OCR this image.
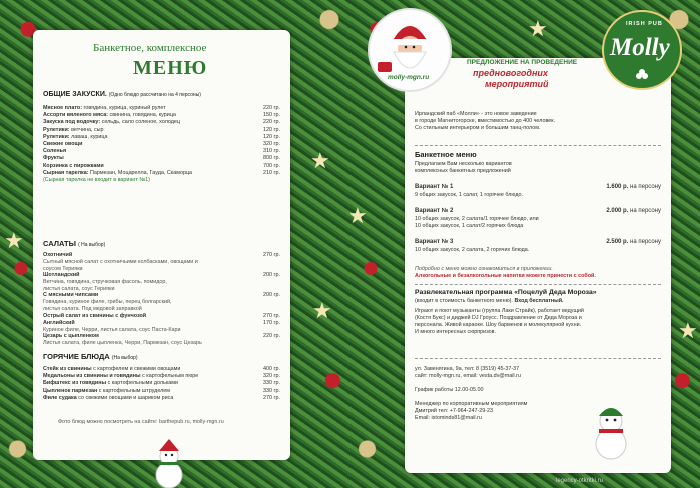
★
★
★
Банкетное, комплексное
МЕНЮ
ОБЩИЕ ЗАКУСКИ. (Одно блюдо рассчитано на 4 персоны)
САЛАТЫ ( На выбор)
ГОРЯЧИЕ БЛЮДА (На выбор)
Фото блюд можно посмотреть на сайте: barthepub.ru, molly-mgn.ru
Мясное плато: говядина, курица, куриный рулет	220 гр.
Ассорти вяленого мяса: свинина, говядина, курица	150 гр.
Закуска под водочку: сельдь, сало соленое, холодец	220 гр.
Рулетики: ветчина, сыр	120 гр.
Рулетики: лаваш, курица	120 гр.
Свежие овощи	320 гр.
Соленья	310 гр.
Фрукты	800 гр.
Корзинка с пирожками	700 гр.
Сырная тарелка: Пармезан, Моцарелла, Гауда, Скаморца	210 гр.
(Сырная тарелка не входит в вариант №1)
Охотничий	270 гр.
Сытный мясной салат с охотничьими колбасками, овощами и
соусом Терияки
Шотландский	200 гр.
Ветчина, говядина, стручковая фасоль, помидор,
листья салата, соус Терияки
С мясными чипсами	200 гр.
Говядина, куриное филе, грибы, перец болгарский,
листья салата. Под медовой заправкой
Острый салат из свинины с фунчозой	270 гр.
Английский	170 гр.
Куриное филе, Черри, листья салата, соус Паста-Кари
Цезарь с цыпленком	220 гр.
Листья салата, филе цыпленка, Черри, Пармезан, соус Цезарь
Стейк из свинины с картофелем и свежими овощами	400 гр.
Медальоны из свинины и говядины с картофельным пюре	320 гр.
Бифштекс из говядины с картофельными дольками	330 гр.
Цыпленок пармезан с картофельным штруделем	330 гр.
Филе судака со свежими овощами и шариком риса	270 гр.
★
★
★
ПРЕДЛОЖЕНИЕ НА ПРОВЕДЕНИЕ
предновогодних
мероприятий
Банкетное меню
Подробно с меню можно ознакомиться в приложении.
Алкогольные и безалкогольные напитки можете принести с собой.
Развлекательная программа «Поцелуй Деда Мороза»
(входит в стоимость банкетного меню). Вход бесплатный.
Ирландский паб «Молли» - это новое заведение
в городе Магнитогорске, вместимостью до 400 человек.
Со стильным интерьером и большим танц-полом.
Предлагаем Вам несколько вариантов
комплексных банкетных предложений
Вариант № 1	1.600 р. на персону
9 общих закусок, 1 салат, 1 горячее блюдо.
Вариант № 2	2.000 р. на персону
10 общих закусок, 2 салата/1 горячее блюдо, или
10 общих закусок, 1 салат/2 горячих блюда
Вариант № 3	2.500 р. на персону
10 общих закусок, 2 салата, 2 горячих блюда.
Играют и поют музыканты (группа Лаки Страйк), работает ведущий
(Костя Букс) и диджей DJ Гроусс. Поздравление от Деда Мороза и
персонала. Живой караоке. Шоу барменов и молекулярной кухни.
И много интересных сюрпризов.
ул. Завенягина, 9а, тел: 8 (3519) 45-37-37
сайт: molly-mgn.ru, email: vesta.dv@mail.ru
График работы 12.00-05.00
Менеджер по корпоративным мероприятиям
Дмитрий тел: +7-964-247-29-23
Email: istominds81@mail.ru
molly-mgn.ru
IRISH PUB
Molly
legency-otkritki.ru
